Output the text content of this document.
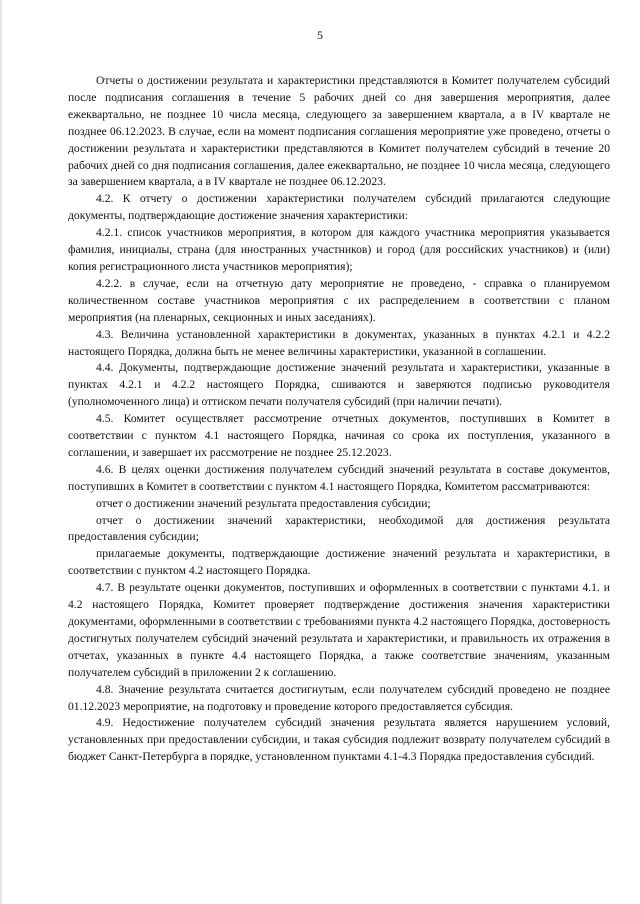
5

Отчеты о достижении результата и характеристики представляются в Комитет получателем субсидий после подписания соглашения в течение 5 рабочих дней со дня завершения мероприятия, далее ежеквартально, не позднее 10 числа месяца, следующего за завершением квартала, а в IV квартале не позднее 06.12.2023. В случае, если на момент подписания соглашения мероприятие уже проведено, отчеты о достижении результата и характеристики представляются в Комитет получателем субсидий в течение 20 рабочих дней со дня подписания соглашения, далее ежеквартально, не позднее 10 числа месяца, следующего за завершением квартала, а в IV квартале не позднее 06.12.2023.

4.2. К отчету о достижении характеристики получателем субсидий прилагаются следующие документы, подтверждающие достижение значения характеристики:

4.2.1. список участников мероприятия, в котором для каждого участника мероприятия указывается фамилия, инициалы, страна (для иностранных участников) и город (для российских участников) и (или) копия регистрационного листа участников мероприятия);

4.2.2. в случае, если на отчетную дату мероприятие не проведено, - справка о планируемом количественном составе участников мероприятия с их распределением в соответствии с планом мероприятия (на пленарных, секционных и иных заседаниях).

4.3. Величина установленной характеристики в документах, указанных в пунктах 4.2.1 и 4.2.2 настоящего Порядка, должна быть не менее величины характеристики, указанной в соглашении.

4.4. Документы, подтверждающие достижение значений результата и характеристики, указанные в пунктах 4.2.1 и 4.2.2 настоящего Порядка, сшиваются и заверяются подписью руководителя (уполномоченного лица) и оттиском печати получателя субсидий (при наличии печати).

4.5. Комитет осуществляет рассмотрение отчетных документов, поступивших в Комитет в соответствии с пунктом 4.1 настоящего Порядка, начиная со срока их поступления, указанного в соглашении, и завершает их рассмотрение не позднее 25.12.2023.

4.6. В целях оценки достижения получателем субсидий значений результата в составе документов, поступивших в Комитет в соответствии с пунктом 4.1 настоящего Порядка, Комитетом рассматриваются:

отчет о достижении значений результата предоставления субсидии;

отчет о достижении значений характеристики, необходимой для достижения результата предоставления субсидии;

прилагаемые документы, подтверждающие достижение значений результата и характеристики, в соответствии с пунктом 4.2 настоящего Порядка.

4.7. В результате оценки документов, поступивших и оформленных в соответствии с пунктами 4.1. и 4.2 настоящего Порядка, Комитет проверяет подтверждение достижения значения характеристики документами, оформленными в соответствии с требованиями пункта 4.2 настоящего Порядка, достоверность достигнутых получателем субсидий значений результата и характеристики, и правильность их отражения в отчетах, указанных в пункте 4.4 настоящего Порядка, а также соответствие значениям, указанным получателем субсидий в приложении 2 к соглашению.

4.8. Значение результата считается достигнутым, если получателем субсидий проведено не позднее 01.12.2023 мероприятие, на подготовку и проведение которого предоставляется субсидия.

4.9. Недостижение получателем субсидий значения результата является нарушением условий, установленных при предоставлении субсидии, и такая субсидия подлежит возврату получателем субсидий в бюджет Санкт-Петербурга в порядке, установленном пунктами 4.1-4.3 Порядка предоставления субсидий.
